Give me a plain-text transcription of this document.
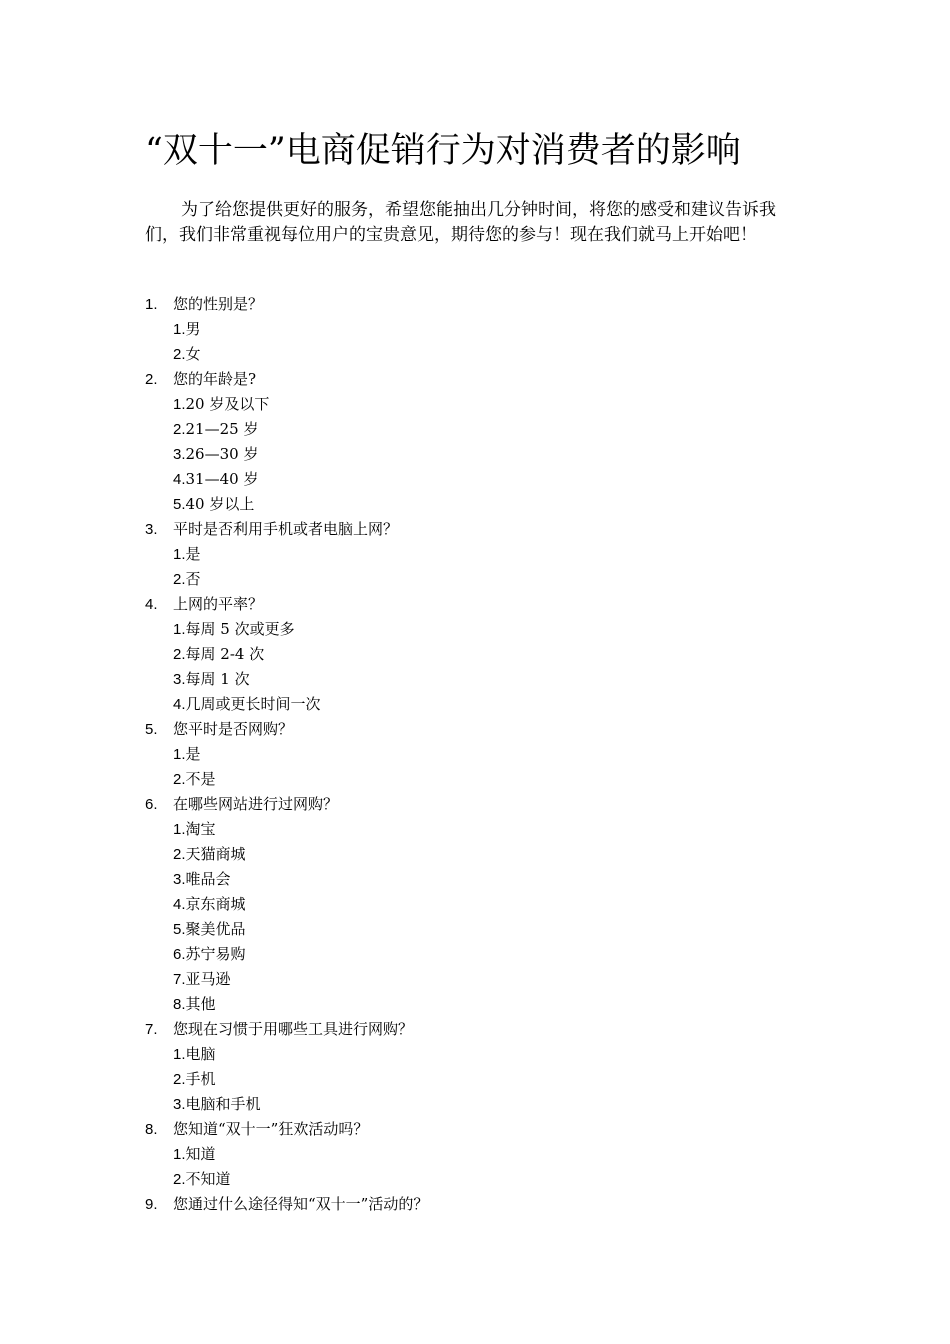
“双十一”电商促销行为对消费者的影响

为了给您提供更好的服务，希望您能抽出几分钟时间，将您的感受和建议告诉我们，我们非常重视每位用户的宝贵意见，期待您的参与！现在我们就马上开始吧！

1. 您的性别是？
1.男
2.女
2. 您的年龄是?
1.20 岁及以下
2.21—25 岁
3.26—30 岁
4.31—40 岁
5.40 岁以上
3. 平时是否利用手机或者电脑上网？
1.是
2.否
4. 上网的平率？
1.每周 5 次或更多
2.每周 2-4 次
3.每周 1 次
4.几周或更长时间一次
5. 您平时是否网购？
1.是
2.不是
6. 在哪些网站进行过网购？
1.淘宝
2.天猫商城
3.唯品会
4.京东商城
5.聚美优品
6.苏宁易购
7.亚马逊
8.其他
7. 您现在习惯于用哪些工具进行网购？
1.电脑
2.手机
3.电脑和手机
8. 您知道“双十一”狂欢活动吗？
1.知道
2.不知道
9. 您通过什么途径得知“双十一”活动的？
